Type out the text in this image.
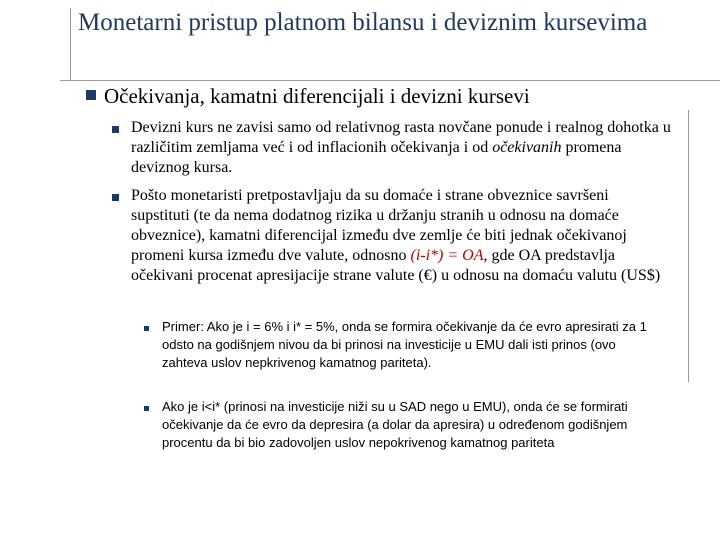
Monetarni pristup platnom bilansu i deviznim kursevima
Očekivanja, kamatni diferencijali i devizni kursevi
Devizni kurs ne zavisi samo od relativnog rasta novčane ponude i realnog dohotka u različitim zemljama već i od inflacionih očekivanja i od očekivanih promena deviznog kursa.
Pošto monetaristi pretpostavljaju da su domaće i strane obveznice savršeni supstituti (te da nema dodatnog rizika u držanju stranih u odnosu na domaće obveznice), kamatni diferencijal između dve zemlje će biti jednak očekivanoj promeni kursa između dve valute, odnosno (i-i*) = OA, gde OA predstavlja očekivani procenat apresijacije strane valute (€) u odnosu na domaću valutu (US$)
Primer: Ako je i = 6% i i* = 5%, onda se formira očekivanje da će evro apresirati za 1 odsto na godišnjem nivou da bi prinosi na investicije u EMU dali isti prinos (ovo zahteva uslov nepkrivenog kamatnog pariteta).
Ako je i<i* (prinosi na investicije niži su u SAD nego u EMU), onda će se formirati očekivanje da će evro da depresira (a dolar da apresira) u određenom godišnjem procentu da bi bio zadovoljen uslov nepokrivenog kamatnog pariteta
